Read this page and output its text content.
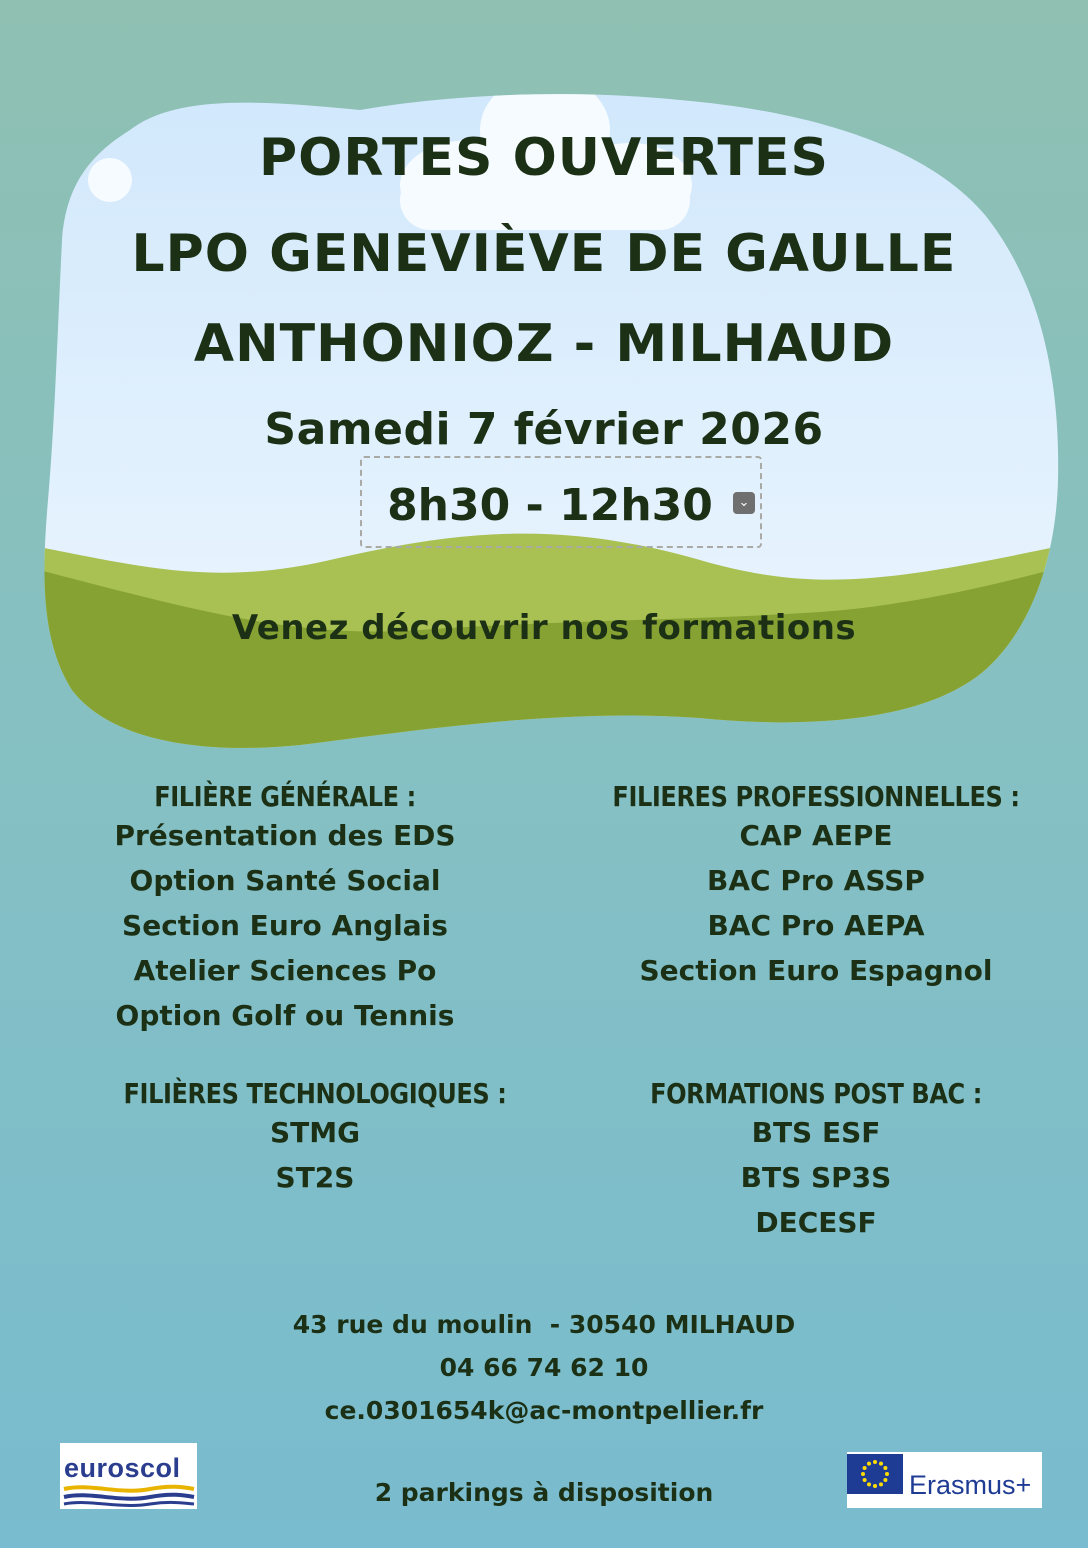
PORTES OUVERTES
LPO GENEVIÈVE DE GAULLE
ANTHONIOZ - MILHAUD
Samedi 7 février 2026
8h30 - 12h30	⌄
Venez découvrir nos formations
FILIÈRE GÉNÉRALE :
Présentation des EDS
Option Santé Social
Section Euro Anglais
Atelier Sciences Po
Option Golf ou Tennis
FILIERES PROFESSIONNELLES :
CAP AEPE
BAC Pro ASSP
BAC Pro AEPA
Section Euro Espagnol
FILIÈRES TECHNOLOGIQUES :
STMG
ST2S
FORMATIONS POST BAC :
BTS ESF
BTS SP3S
DECESF
43 rue du moulin  - 30540 MILHAUD
04 66 74 62 10
ce.0301654k@ac-montpellier.fr
2 parkings à disposition
euroscol
Erasmus+
